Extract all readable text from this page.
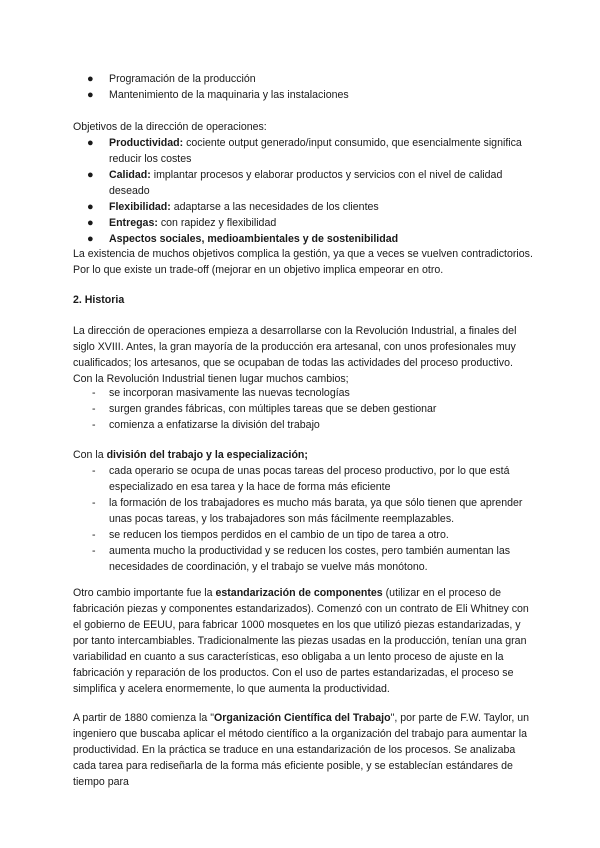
● Programación de la producción
● Mantenimiento de la maquinaria y las instalaciones

Objetivos de la dirección de operaciones:

● Productividad: cociente output generado/input consumido, que esencialmente significa reducir los costes
● Calidad: implantar procesos y elaborar productos y servicios con el nivel de calidad deseado
● Flexibilidad: adaptarse a las necesidades de los clientes
● Entregas: con rapidez y flexibilidad
● Aspectos sociales, medioambientales y de sostenibilidad

La existencia de muchos objetivos complica la gestión, ya que a veces se vuelven contradictorios. Por lo que existe un trade-off (mejorar en un objetivo implica empeorar en otro.

2. Historia

La dirección de operaciones empieza a desarrollarse con la Revolución Industrial, a finales del siglo XVIII. Antes, la gran mayoría de la producción era artesanal, con unos profesionales muy cualificados; los artesanos, que se ocupaban de todas las actividades del proceso productivo. Con la Revolución Industrial tienen lugar muchos cambios;

- se incorporan masivamente las nuevas tecnologías
- surgen grandes fábricas, con múltiples tareas que se deben gestionar
- comienza a enfatizarse la división del trabajo

Con la división del trabajo y la especialización;

- cada operario se ocupa de unas pocas tareas del proceso productivo, por lo que está especializado en esa tarea y la hace de forma más eficiente
- la formación de los trabajadores es mucho más barata, ya que sólo tienen que aprender unas pocas tareas, y los trabajadores son más fácilmente reemplazables.
- se reducen los tiempos perdidos en el cambio de un tipo de tarea a otro.
- aumenta mucho la productividad y se reducen los costes, pero también aumentan las necesidades de coordinación, y el trabajo se vuelve más monótono.

Otro cambio importante fue la estandarización de componentes (utilizar en el proceso de fabricación piezas y componentes estandarizados). Comenzó con un contrato de Eli Whitney con el gobierno de EEUU, para fabricar 1000 mosquetes en los que utilizó piezas estandarizadas, y por tanto intercambiables. Tradicionalmente las piezas usadas en la producción, tenían una gran variabilidad en cuanto a sus características, eso obligaba a un lento proceso de ajuste en la fabricación y reparación de los productos. Con el uso de partes estandarizadas, el proceso se simplifica y acelera enormemente, lo que aumenta la productividad.

A partir de 1880 comienza la "Organización Científica del Trabajo", por parte de F.W. Taylor, un ingeniero que buscaba aplicar el método científico a la organización del trabajo para aumentar la productividad. En la práctica se traduce en una estandarización de los procesos. Se analizaba cada tarea para rediseñarla de la forma más eficiente posible, y se establecían estándares de tiempo para
